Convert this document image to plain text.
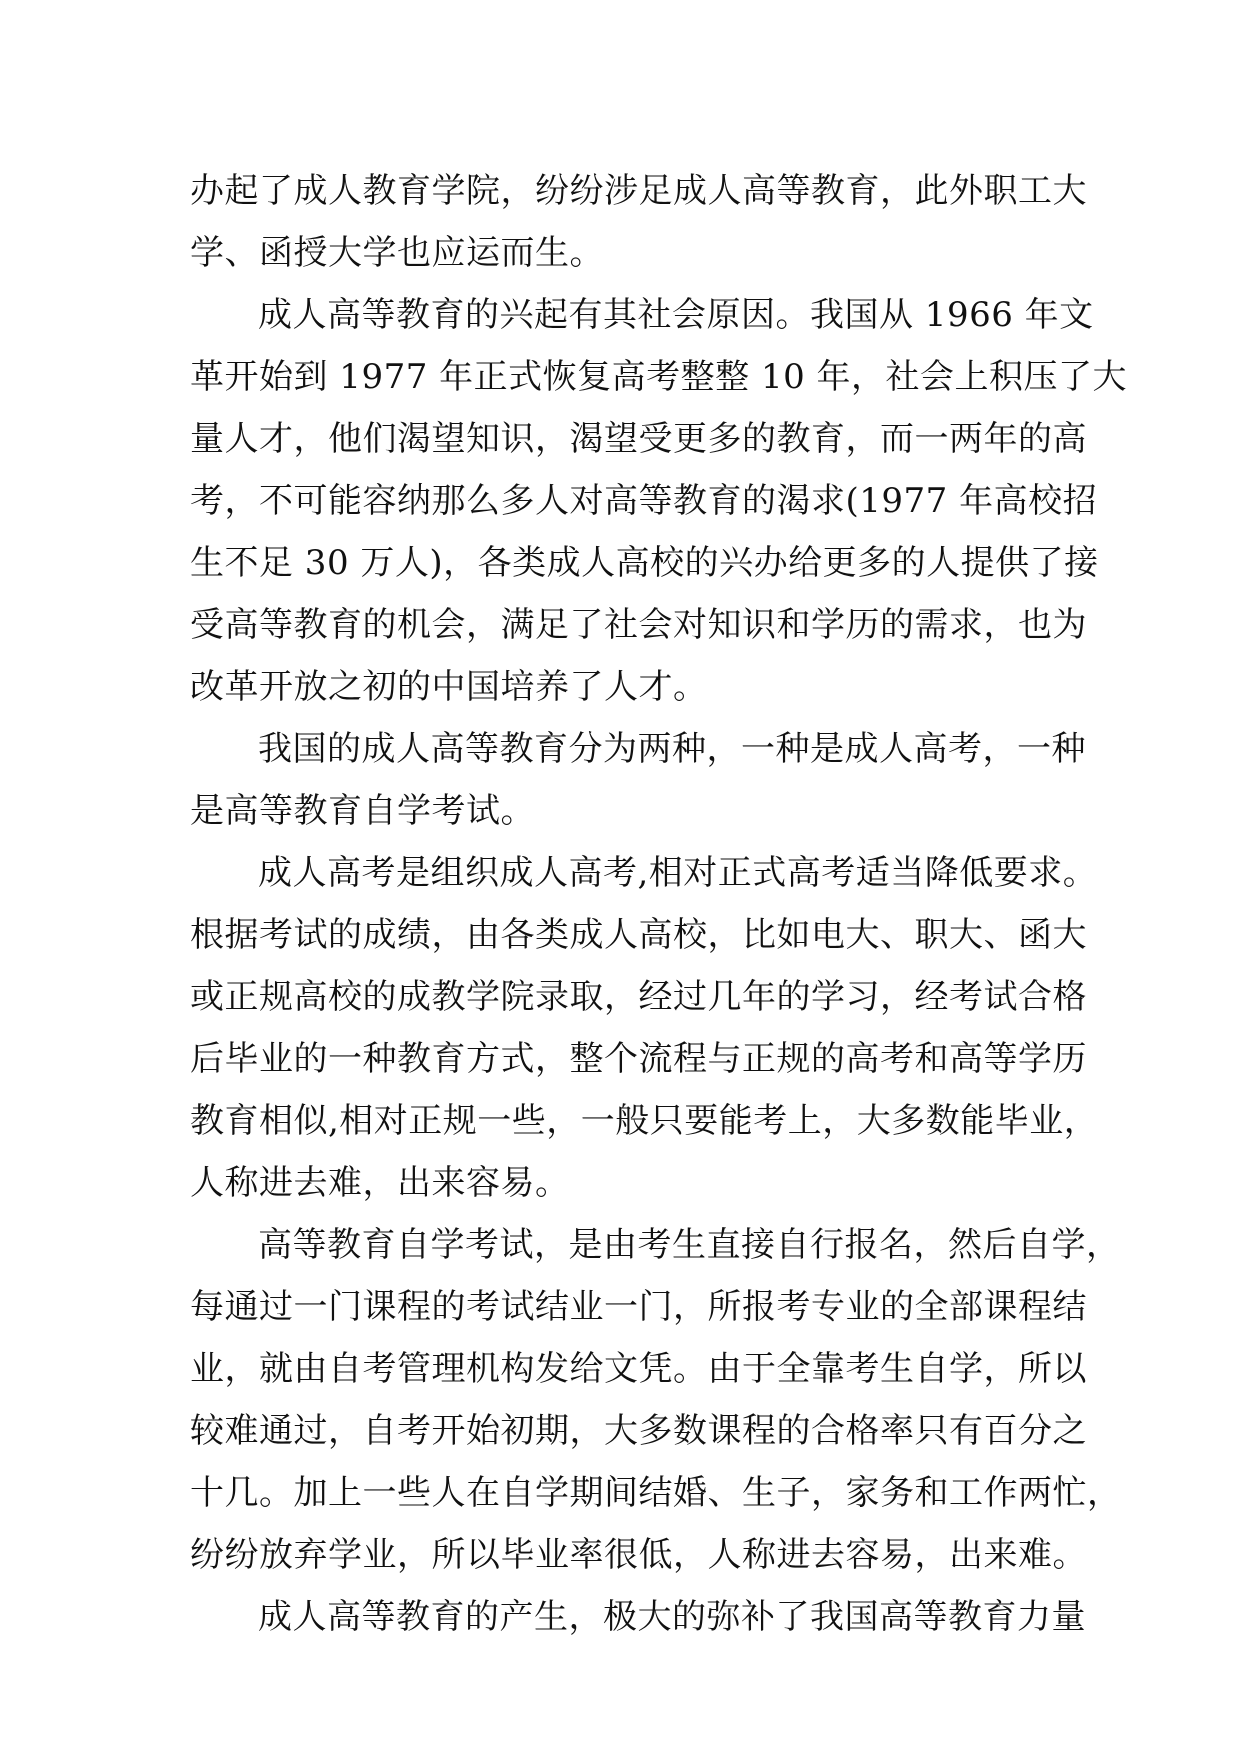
办起了成人教育学院，纷纷涉足成人高等教育，此外职工大
学、函授大学也应运而生。
成人高等教育的兴起有其社会原因。我国从 1966 年文
革开始到 1977 年正式恢复高考整整 10 年，社会上积压了大
量人才，他们渴望知识，渴望受更多的教育，而一两年的高
考，不可能容纳那么多人对高等教育的渴求(1977 年高校招
生不足 30 万人)，各类成人高校的兴办给更多的人提供了接
受高等教育的机会，满足了社会对知识和学历的需求，也为
改革开放之初的中国培养了人才。
我国的成人高等教育分为两种，一种是成人高考，一种
是高等教育自学考试。
成人高考是组织成人高考,相对正式高考适当降低要求。
根据考试的成绩，由各类成人高校，比如电大、职大、函大
或正规高校的成教学院录取，经过几年的学习，经考试合格
后毕业的一种教育方式，整个流程与正规的高考和高等学历
教育相似,相对正规一些，一般只要能考上，大多数能毕业，
人称进去难，出来容易。
高等教育自学考试，是由考生直接自行报名，然后自学，
每通过一门课程的考试结业一门，所报考专业的全部课程结
业，就由自考管理机构发给文凭。由于全靠考生自学，所以
较难通过，自考开始初期，大多数课程的合格率只有百分之
十几。加上一些人在自学期间结婚、生子，家务和工作两忙，
纷纷放弃学业，所以毕业率很低，人称进去容易，出来难。
成人高等教育的产生，极大的弥补了我国高等教育力量
